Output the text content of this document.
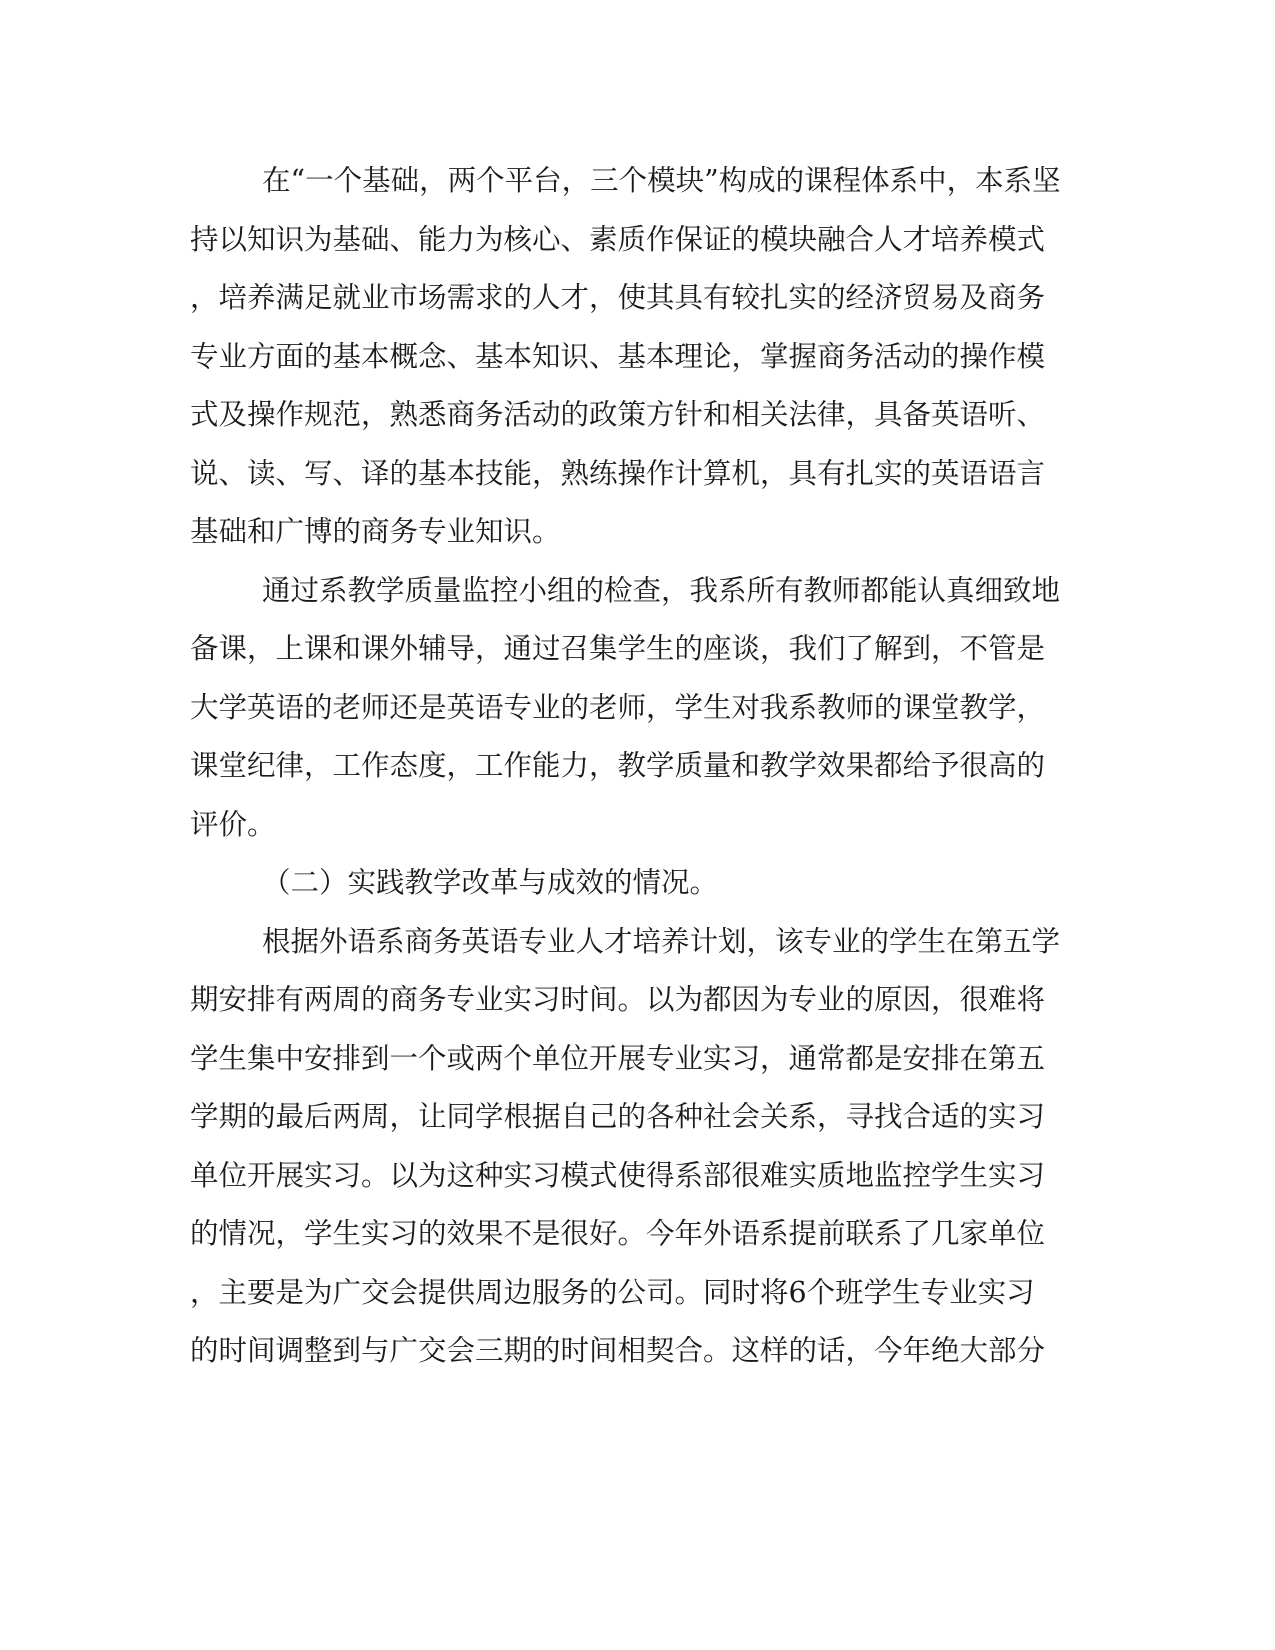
在“一个基础，两个平台，三个模块”构成的课程体系中，本系坚
持以知识为基础、能力为核心、素质作保证的模块融合人才培养模式
，培养满足就业市场需求的人才，使其具有较扎实的经济贸易及商务
专业方面的基本概念、基本知识、基本理论，掌握商务活动的操作模
式及操作规范，熟悉商务活动的政策方针和相关法律，具备英语听、
说、读、写、译的基本技能，熟练操作计算机，具有扎实的英语语言
基础和广博的商务专业知识。
通过系教学质量监控小组的检查，我系所有教师都能认真细致地
备课，上课和课外辅导，通过召集学生的座谈，我们了解到，不管是
大学英语的老师还是英语专业的老师，学生对我系教师的课堂教学，
课堂纪律，工作态度，工作能力，教学质量和教学效果都给予很高的
评价。
（二）实践教学改革与成效的情况。
根据外语系商务英语专业人才培养计划，该专业的学生在第五学
期安排有两周的商务专业实习时间。以为都因为专业的原因，很难将
学生集中安排到一个或两个单位开展专业实习，通常都是安排在第五
学期的最后两周，让同学根据自己的各种社会关系，寻找合适的实习
单位开展实习。以为这种实习模式使得系部很难实质地监控学生实习
的情况，学生实习的效果不是很好。今年外语系提前联系了几家单位
，主要是为广交会提供周边服务的公司。同时将6个班学生专业实习
的时间调整到与广交会三期的时间相契合。这样的话，今年绝大部分
